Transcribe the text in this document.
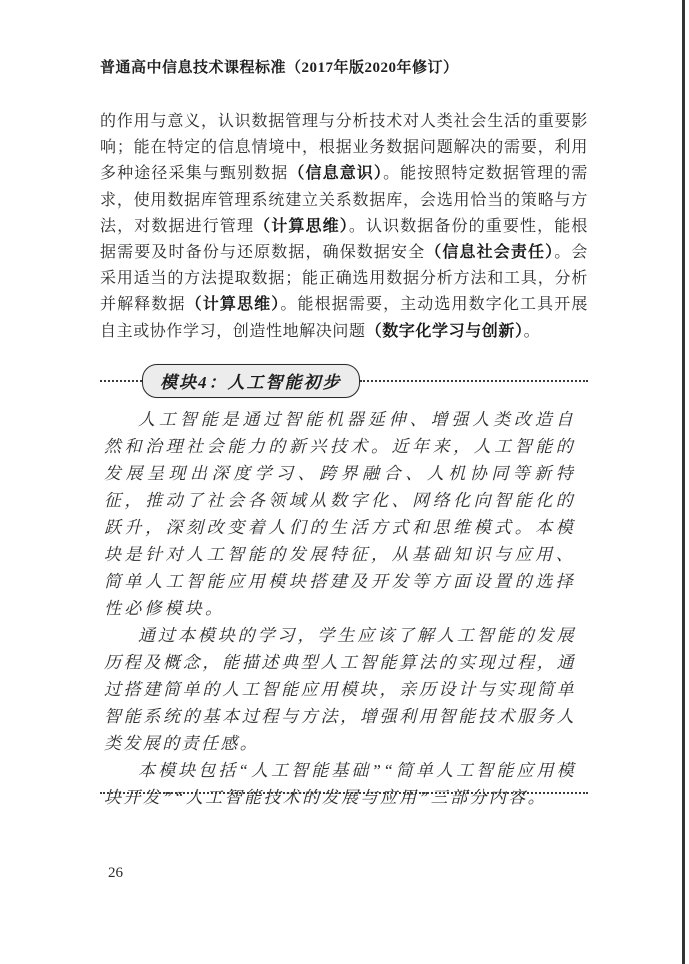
普通高中信息技术课程标准（2017年版2020年修订）
的作用与意义，认识数据管理与分析技术对人类社会生活的重要影响；能在特定的信息情境中，根据业务数据问题解决的需要，利用多种途径采集与甄别数据（信息意识）。能按照特定数据管理的需求，使用数据库管理系统建立关系数据库，会选用恰当的策略与方法，对数据进行管理（计算思维）。认识数据备份的重要性，能根据需要及时备份与还原数据，确保数据安全（信息社会责任）。会采用适当的方法提取数据；能正确选用数据分析方法和工具，分析并解释数据（计算思维）。能根据需要，主动选用数字化工具开展自主或协作学习，创造性地解决问题（数字化学习与创新）。
模块4：人工智能初步

人工智能是通过智能机器延伸、增强人类改造自然和治理社会能力的新兴技术。近年来，人工智能的发展呈现出深度学习、跨界融合、人机协同等新特征，推动了社会各领域从数字化、网络化向智能化的跃升，深刻改变着人们的生活方式和思维模式。本模块是针对人工智能的发展特征，从基础知识与应用、简单人工智能应用模块搭建及开发等方面设置的选择性必修模块。

通过本模块的学习，学生应该了解人工智能的发展历程及概念，能描述典型人工智能算法的实现过程，通过搭建简单的人工智能应用模块，亲历设计与实现简单智能系统的基本过程与方法，增强利用智能技术服务人类发展的责任感。

本模块包括“人工智能基础”“简单人工智能应用模块开发”“人工智能技术的发展与应用”三部分内容。

26
